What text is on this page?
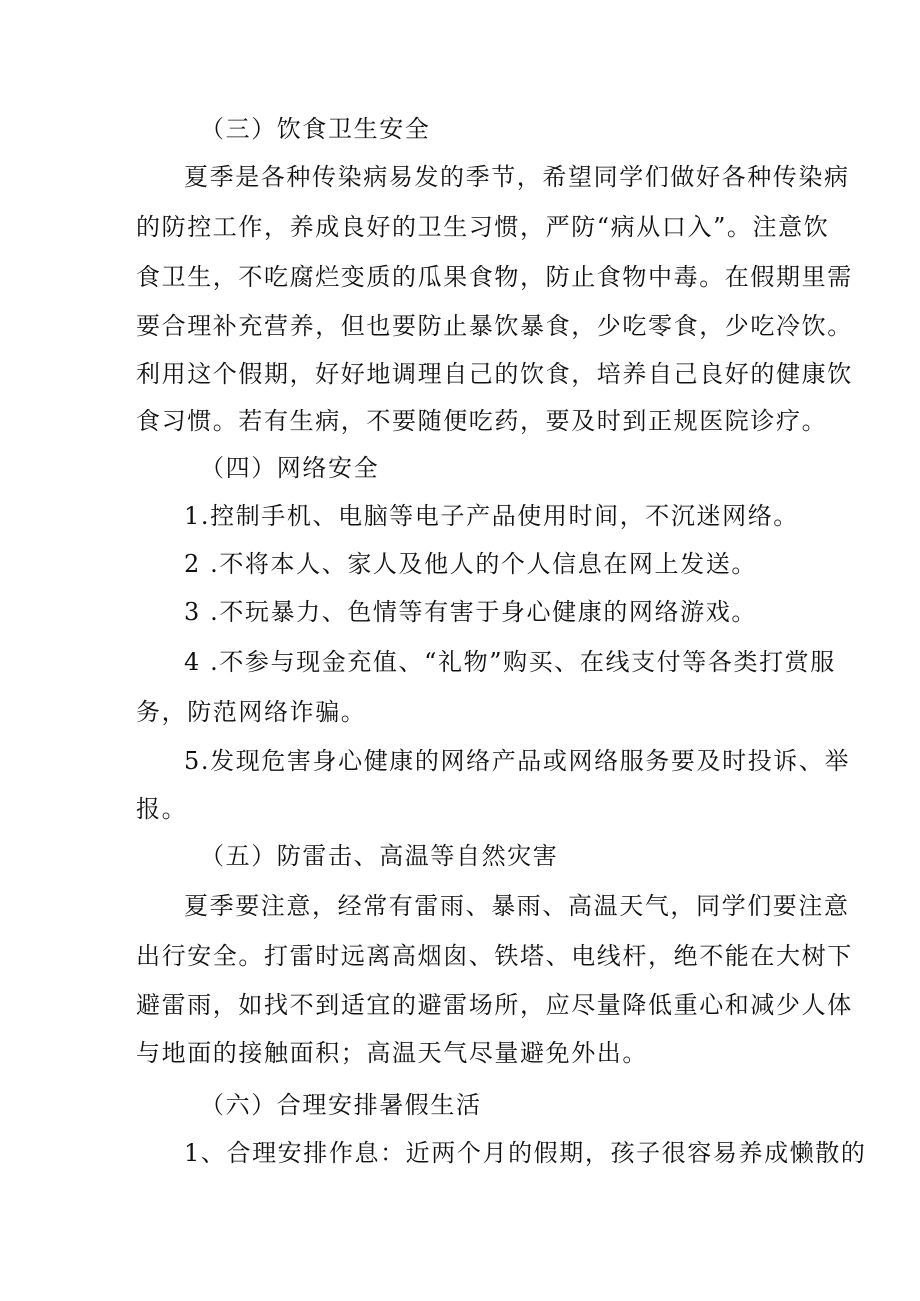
（三）饮食卫生安全
夏季是各种传染病易发的季节，希望同学们做好各种传染病
的防控工作，养成良好的卫生习惯，严防“病从口入”。注意饮
食卫生，不吃腐烂变质的瓜果食物，防止食物中毒。在假期里需
要合理补充营养，但也要防止暴饮暴食，少吃零食，少吃冷饮。
利用这个假期，好好地调理自己的饮食，培养自己良好的健康饮
食习惯。若有生病，不要随便吃药，要及时到正规医院诊疗。
（四）网络安全
1.控制手机、电脑等电子产品使用时间，不沉迷网络。
2 .不将本人、家人及他人的个人信息在网上发送。
3 .不玩暴力、色情等有害于身心健康的网络游戏。
4 .不参与现金充值、“礼物”购买、在线支付等各类打赏服
务，防范网络诈骗。
5.发现危害身心健康的网络产品或网络服务要及时投诉、举
报。
（五）防雷击、高温等自然灾害
夏季要注意，经常有雷雨、暴雨、高温天气，同学们要注意
出行安全。打雷时远离高烟囱、铁塔、电线杆，绝不能在大树下
避雷雨，如找不到适宜的避雷场所，应尽量降低重心和减少人体
与地面的接触面积；高温天气尽量避免外出。
（六）合理安排暑假生活
1、合理安排作息：近两个月的假期，孩子很容易养成懒散的
